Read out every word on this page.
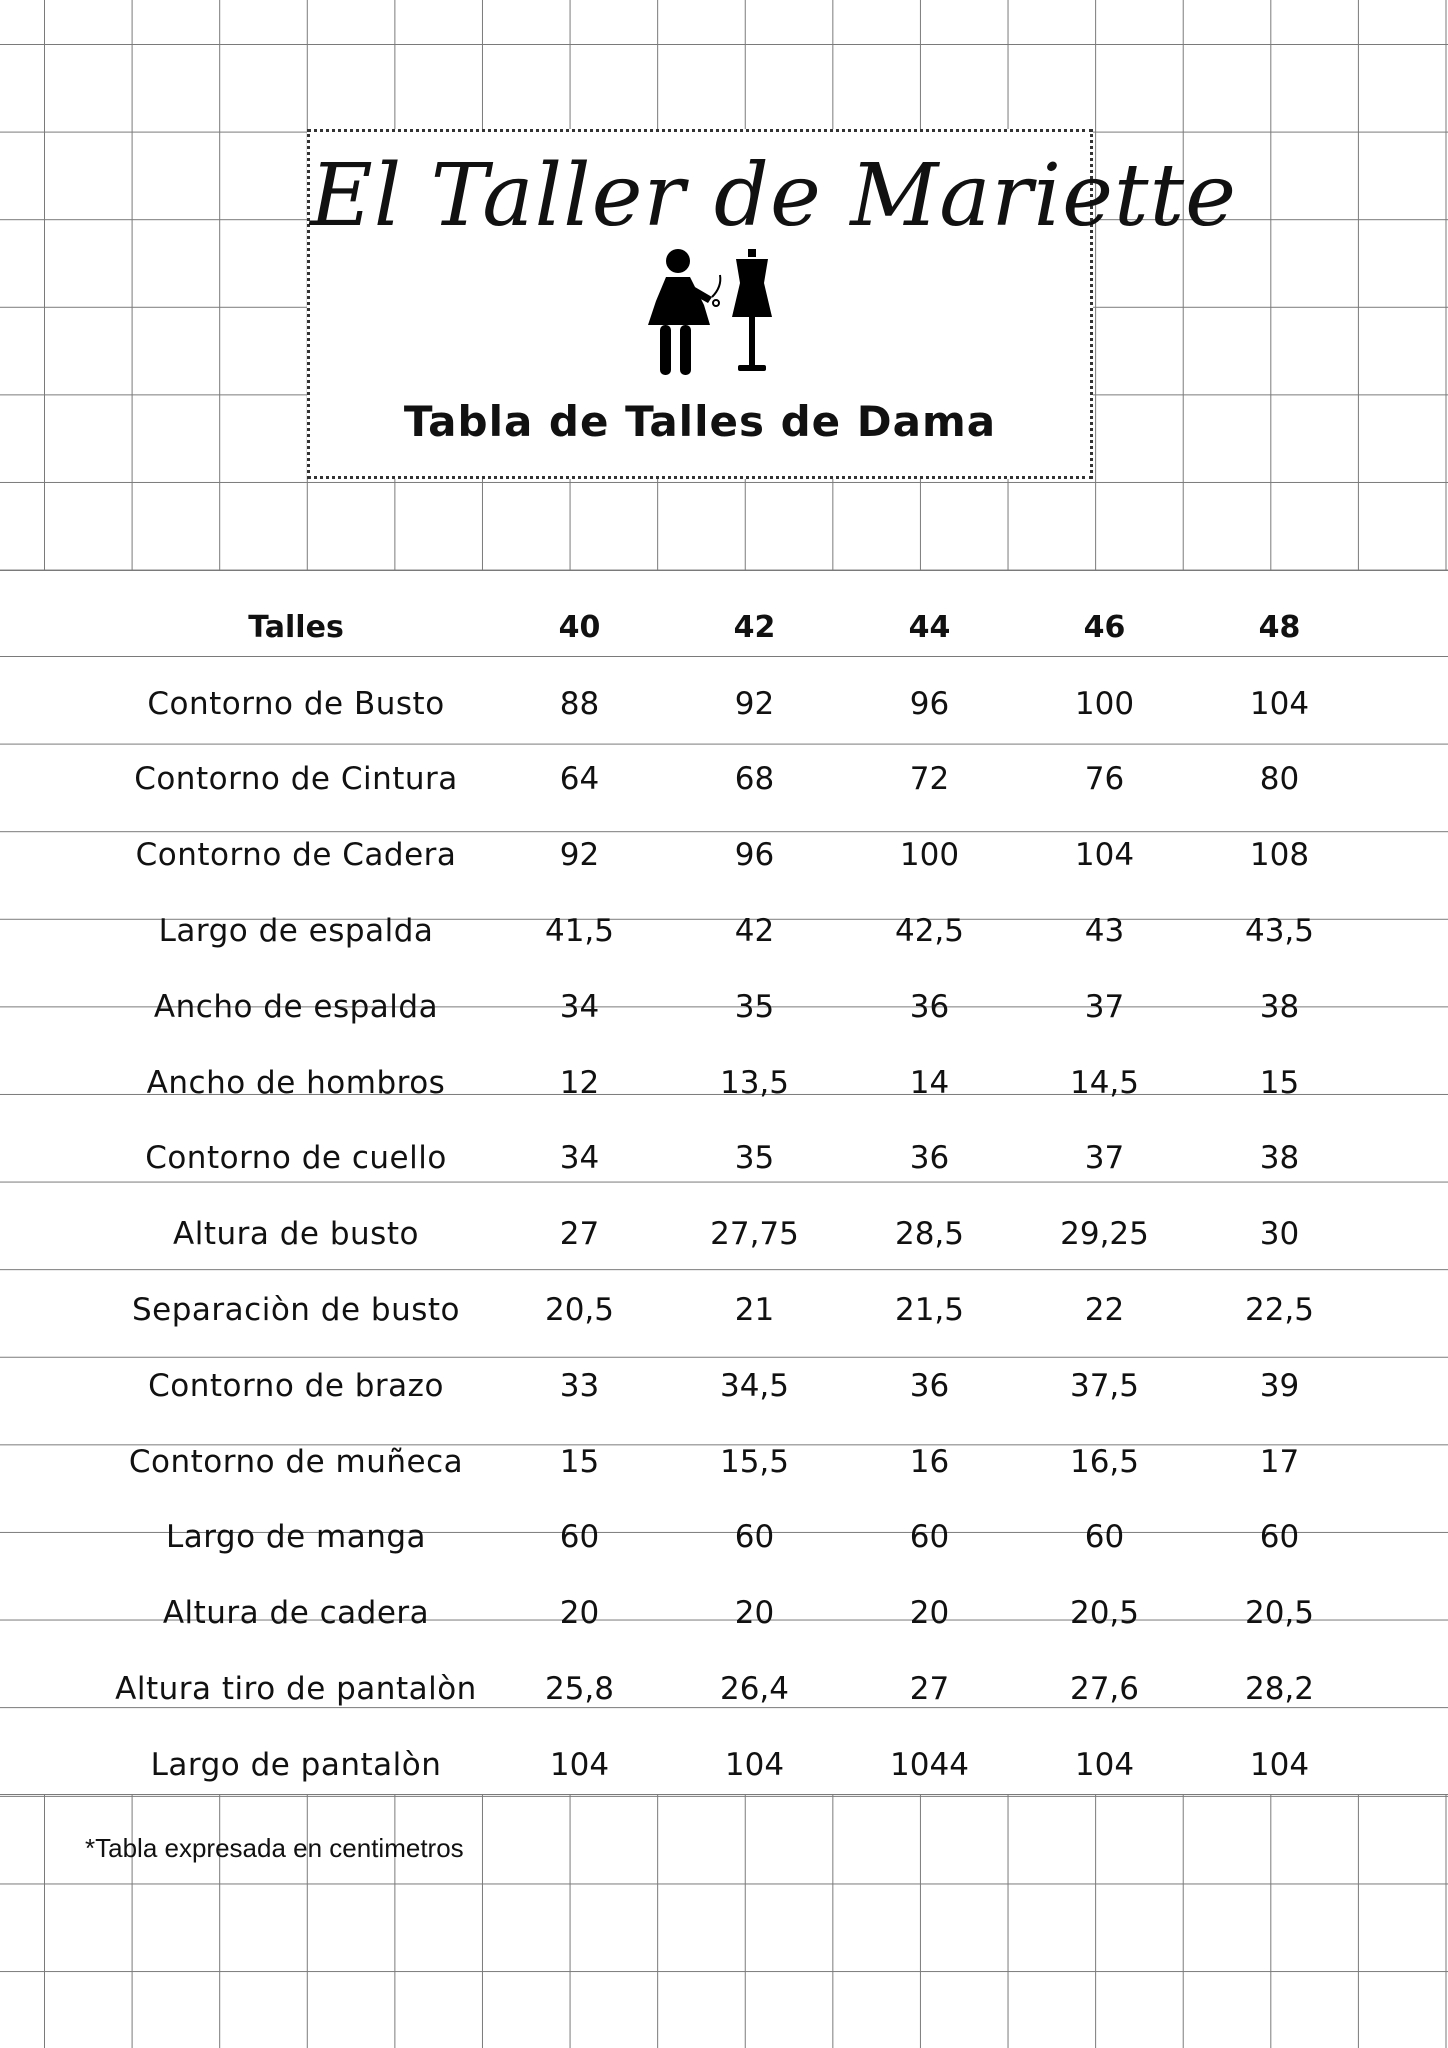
El Taller de Mariette
Tabla de Talles de Dama
Talles	40	42	44	46	48
Contorno de Busto	88	92	96	100	104
Contorno de Cintura	64	68	72	76	80
Contorno de Cadera	92	96	100	104	108
Largo de espalda	41,5	42	42,5	43	43,5
Ancho de espalda	34	35	36	37	38
Ancho de hombros	12	13,5	14	14,5	15
Contorno de cuello	34	35	36	37	38
Altura de busto	27	27,75	28,5	29,25	30
Separaciòn de busto	20,5	21	21,5	22	22,5
Contorno de brazo	33	34,5	36	37,5	39
Contorno de muñeca	15	15,5	16	16,5	17
Largo de manga	60	60	60	60	60
Altura de cadera	20	20	20	20,5	20,5
Altura tiro de pantalòn	25,8	26,4	27	27,6	28,2
Largo de pantalòn	104	104	1044	104	104
*Tabla expresada en centimetros
